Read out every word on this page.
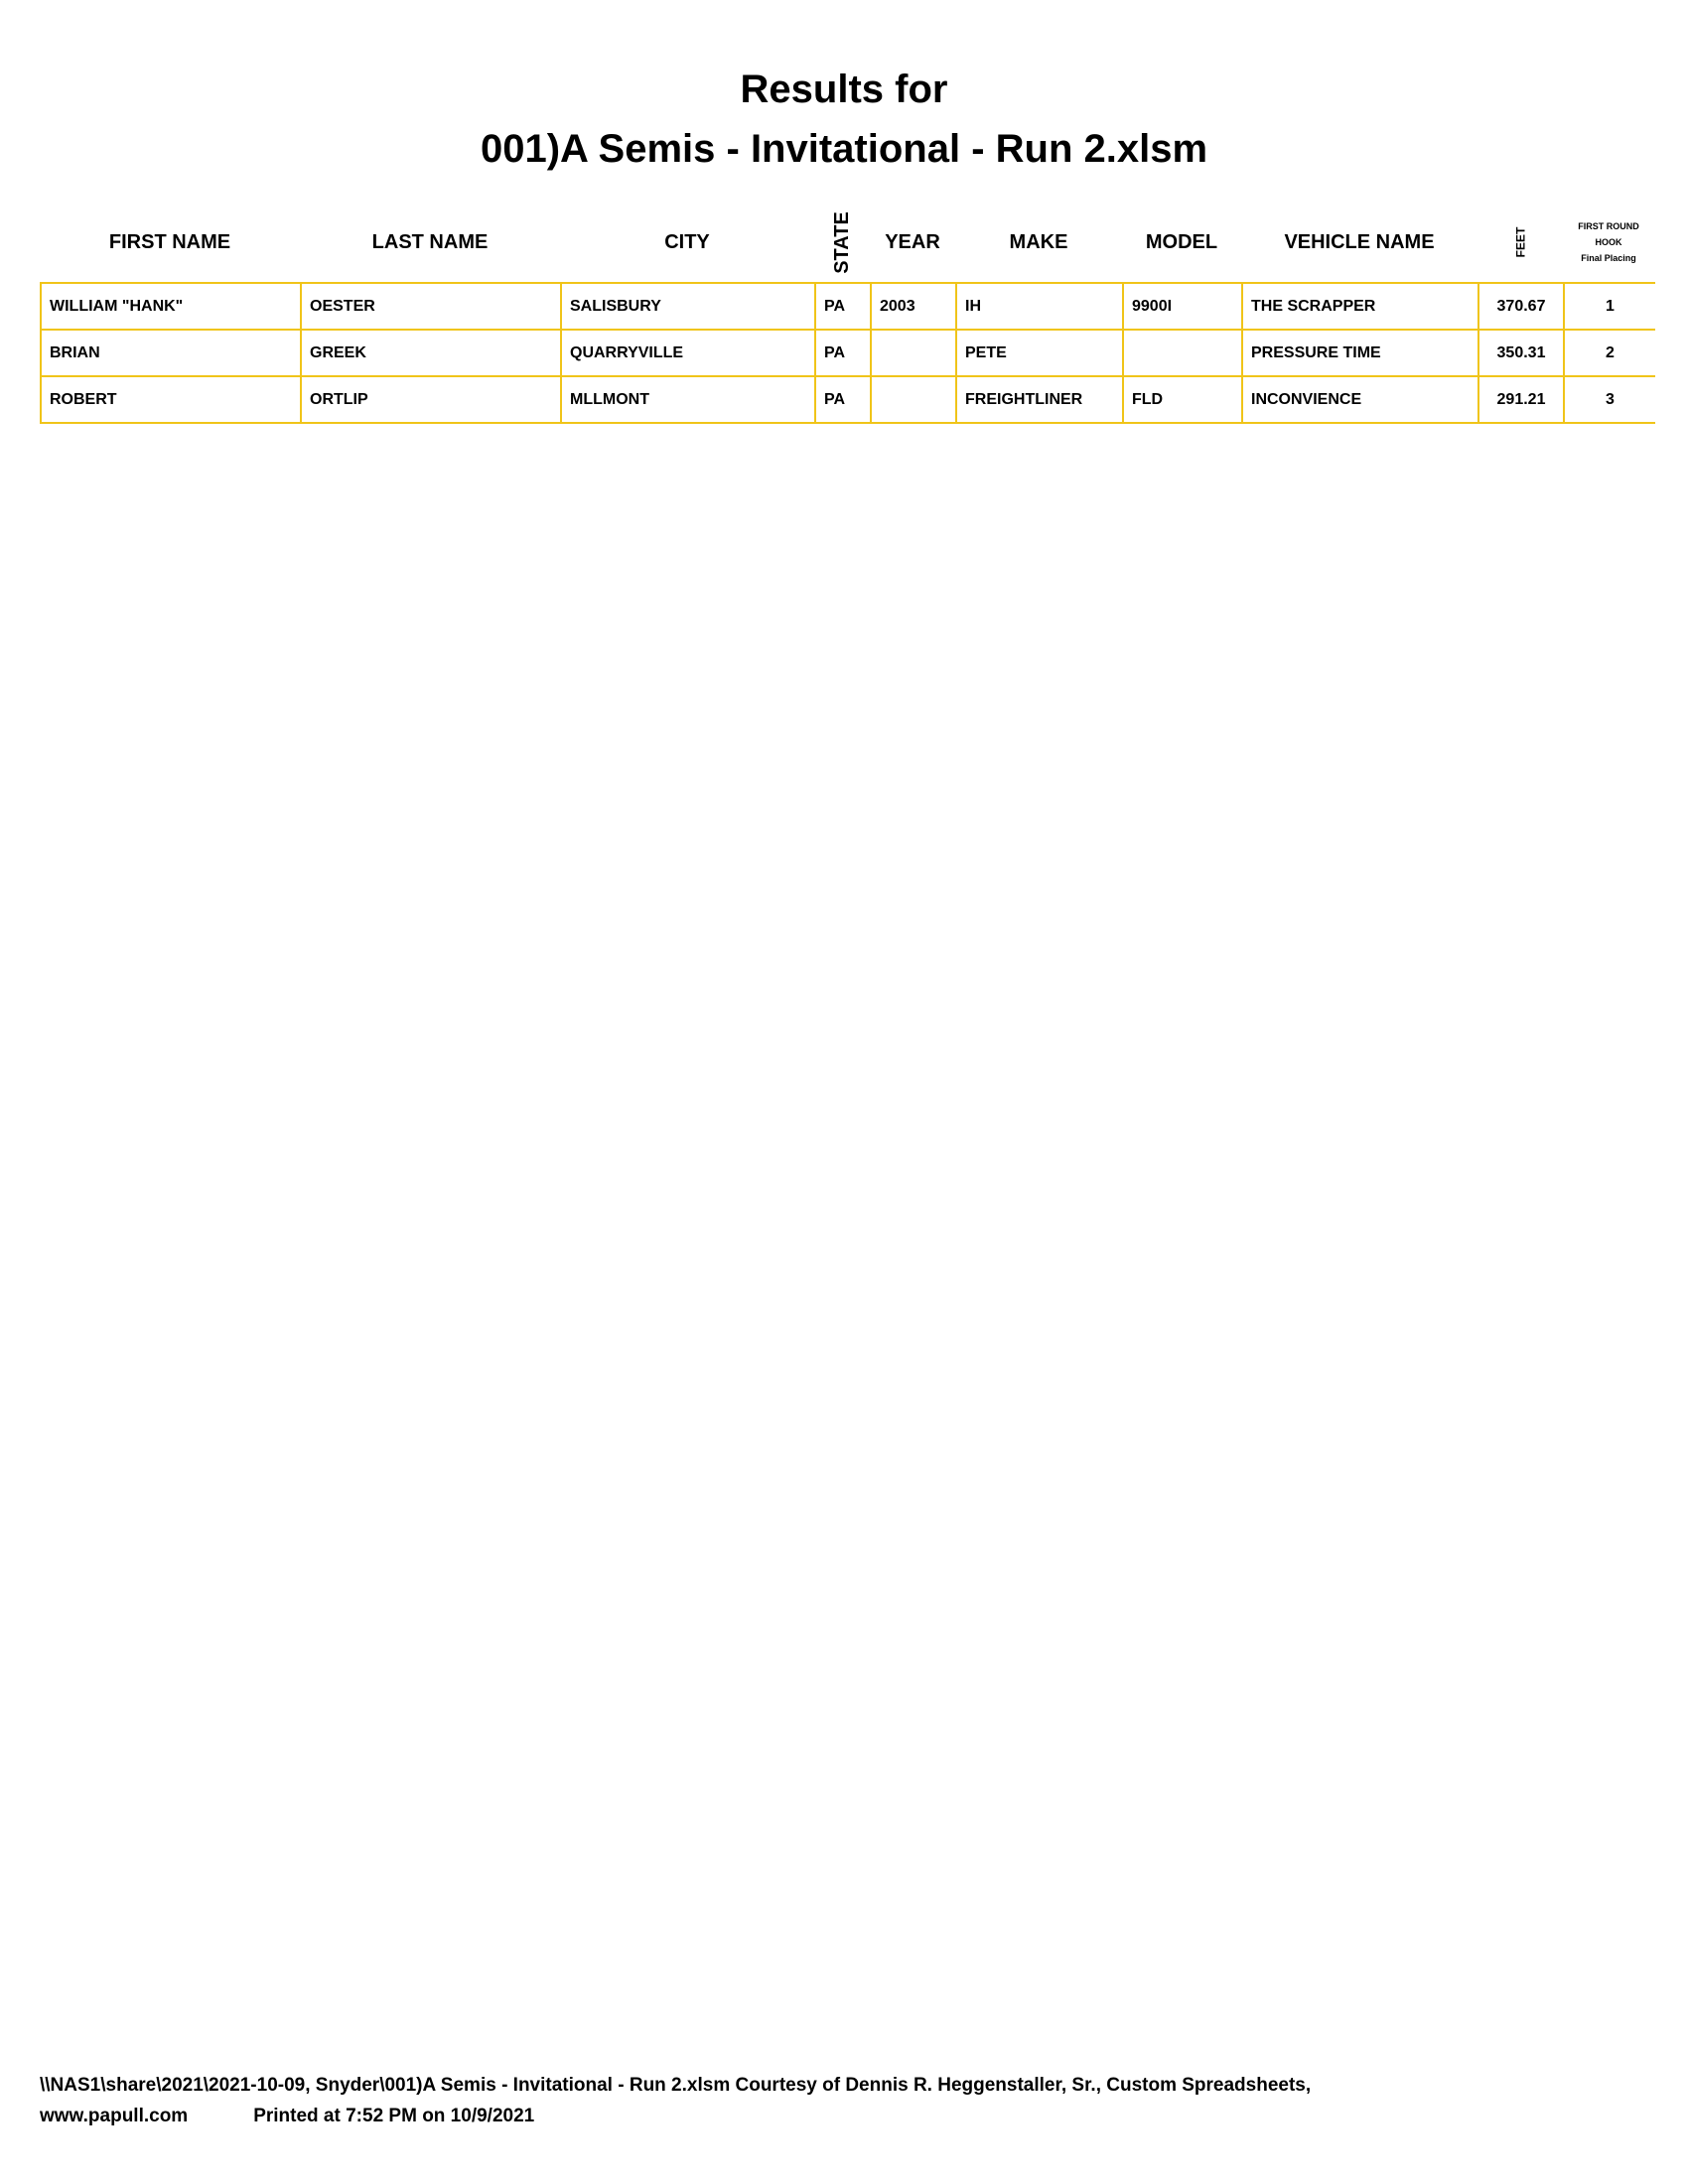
Results for
001)A Semis - Invitational - Run 2.xlsm
FIRST NAME	LAST NAME	CITY	STATE	YEAR	MAKE	MODEL	VEHICLE NAME	FEET
FIRST ROUND
HOOK
Final Placing
WILLIAM "HANK"	OESTER	SALISBURY	PA	2003	IH	9900I	THE SCRAPPER	370.67	1
BRIAN	GREEK	QUARRYVILLE	PA		PETE		PRESSURE TIME	350.31	2
ROBERT	ORTLIP	MLLMONT	PA		FREIGHTLINER	FLD	INCONVIENCE	291.21	3
\\NAS1\share\2021\2021-10-09, Snyder\001)A Semis - Invitational - Run 2.xlsm Courtesy of Dennis R. Heggenstaller, Sr., Custom Spreadsheets,
www.papull.com	Printed at 7:52 PM on 10/9/2021
